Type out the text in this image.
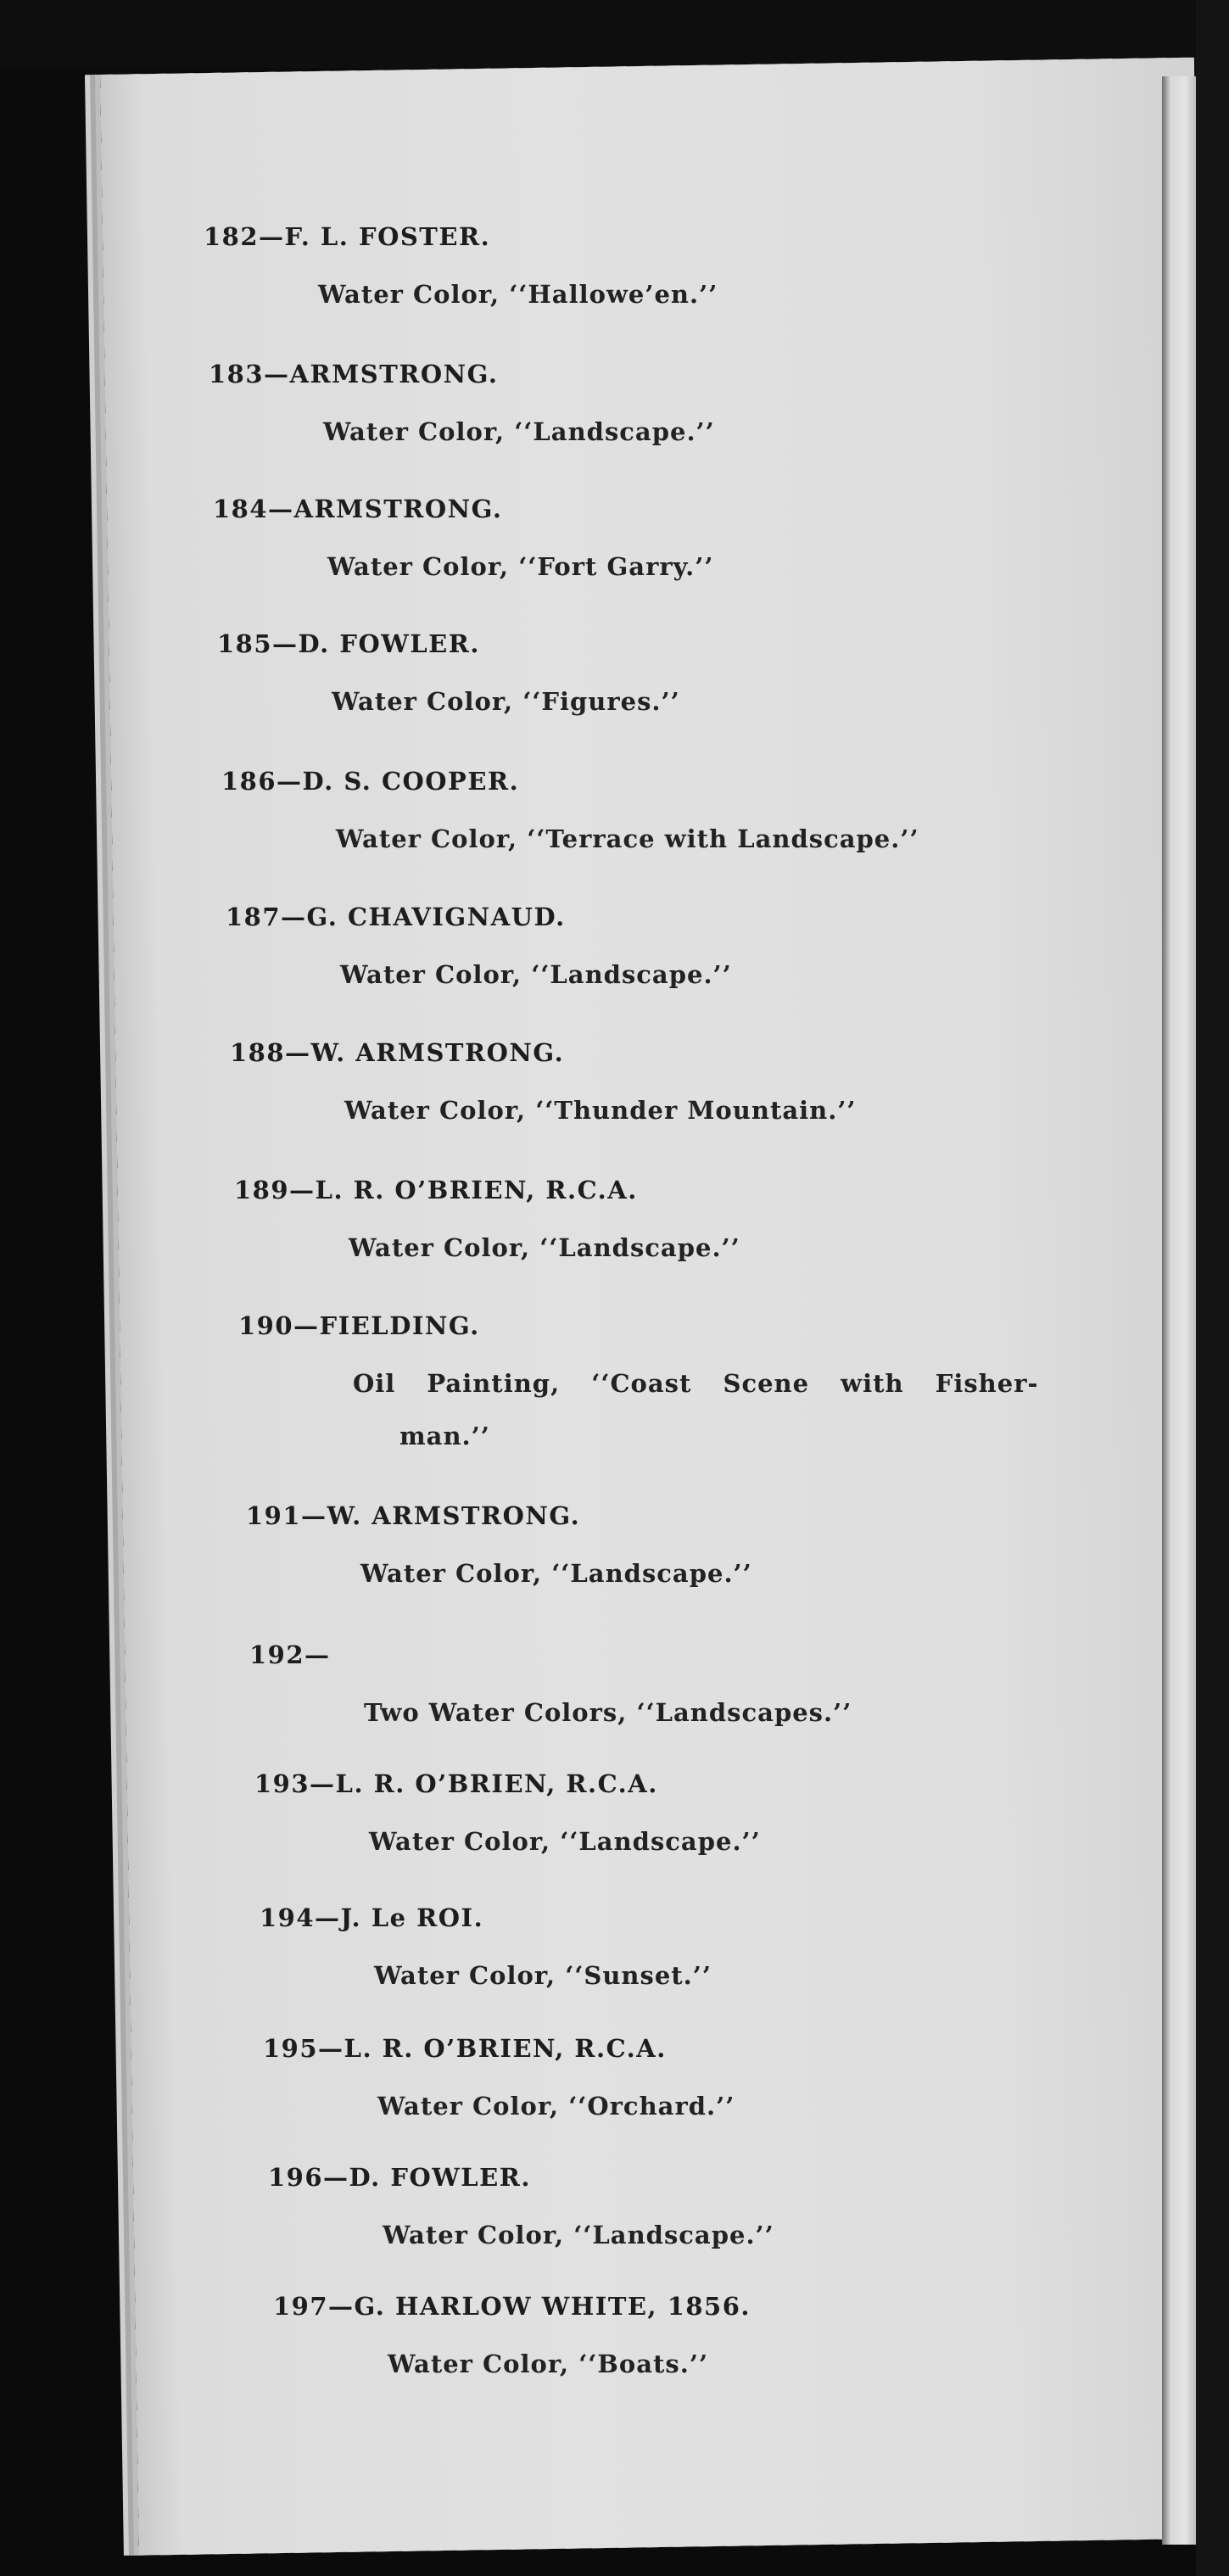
182—F. L. FOSTER.
Water Color, ‘‘Hallowe’en.’’
183—ARMSTRONG.
Water Color, ‘‘Landscape.’’
184—ARMSTRONG.
Water Color, ‘‘Fort Garry.’’
185—D. FOWLER.
Water Color, ‘‘Figures.’’
186—D. S. COOPER.
Water Color, ‘‘Terrace with Landscape.’’
187—G. CHAVIGNAUD.
Water Color, ‘‘Landscape.’’
188—W. ARMSTRONG.
Water Color, ‘‘Thunder Mountain.’’
189—L. R. O’BRIEN, R.C.A.
Water Color, ‘‘Landscape.’’
190—FIELDING.
Oil Painting, ‘‘Coast Scene with Fisher-
man.’’
191—W. ARMSTRONG.
Water Color, ‘‘Landscape.’’
192—
Two Water Colors, ‘‘Landscapes.’’
193—L. R. O’BRIEN, R.C.A.
Water Color, ‘‘Landscape.’’
194—J. Le ROI.
Water Color, ‘‘Sunset.’’
195—L. R. O’BRIEN, R.C.A.
Water Color, ‘‘Orchard.’’
196—D. FOWLER.
Water Color, ‘‘Landscape.’’
197—G. HARLOW WHITE, 1856.
Water Color, ‘‘Boats.’’
